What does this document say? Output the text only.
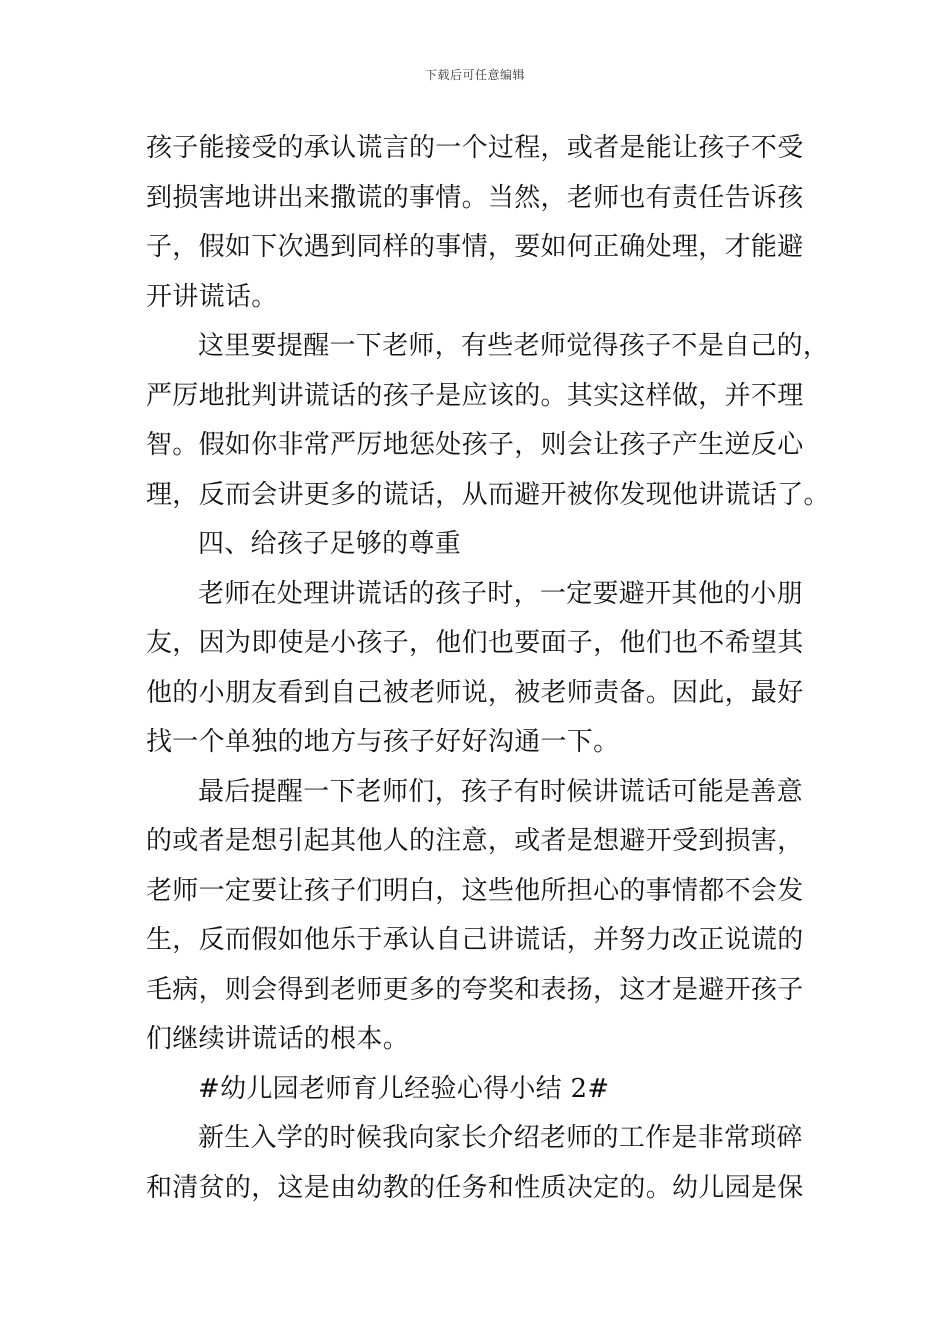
下载后可任意编辑
孩子能接受的承认谎言的一个过程，或者是能让孩子不受
到损害地讲出来撒谎的事情。当然，老师也有责任告诉孩
子，假如下次遇到同样的事情，要如何正确处理，才能避
开讲谎话。
这里要提醒一下老师，有些老师觉得孩子不是自己的，
严厉地批判讲谎话的孩子是应该的。其实这样做，并不理
智。假如你非常严厉地惩处孩子，则会让孩子产生逆反心
理，反而会讲更多的谎话，从而避开被你发现他讲谎话了。
四、给孩子足够的尊重
老师在处理讲谎话的孩子时，一定要避开其他的小朋
友，因为即使是小孩子，他们也要面子，他们也不希望其
他的小朋友看到自己被老师说，被老师责备。因此，最好
找一个单独的地方与孩子好好沟通一下。
最后提醒一下老师们，孩子有时候讲谎话可能是善意
的或者是想引起其他人的注意，或者是想避开受到损害，
老师一定要让孩子们明白，这些他所担心的事情都不会发
生，反而假如他乐于承认自己讲谎话，并努力改正说谎的
毛病，则会得到老师更多的夸奖和表扬，这才是避开孩子
们继续讲谎话的根本。
#幼儿园老师育儿经验心得小结 2#
新生入学的时候我向家长介绍老师的工作是非常琐碎
和清贫的，这是由幼教的任务和性质决定的。幼儿园是保
